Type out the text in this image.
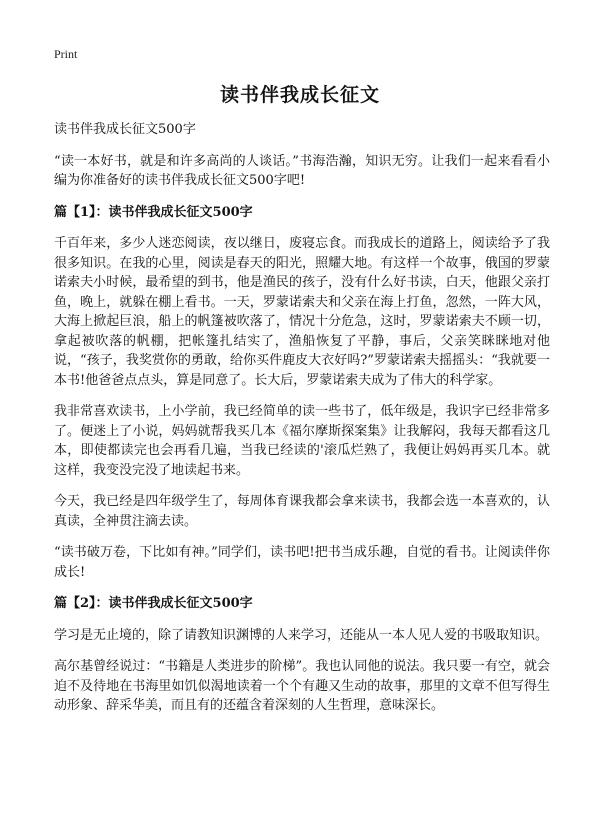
Print
读书伴我成长征文

读书伴我成长征文500字

“读一本好书，就是和许多高尚的人谈话。”书海浩瀚，知识无穷。让我们一起来看看小编为你准备好的读书伴我成长征文500字吧!

篇【1】：读书伴我成长征文500字

千百年来，多少人迷恋阅读，夜以继日，废寝忘食。而我成长的道路上，阅读给予了我很多知识。在我的心里，阅读是春天的阳光，照耀大地。有这样一个故事，俄国的罗蒙诺索夫小时候，最希望的到书，他是渔民的孩子，没有什么好书读，白天，他跟父亲打鱼，晚上，就躲在棚上看书。一天，罗蒙诺索夫和父亲在海上打鱼，忽然，一阵大风，大海上掀起巨浪，船上的帆篷被吹落了，情况十分危急，这时，罗蒙诺索夫不顾一切，拿起被吹落的帆棚，把帐篷扎结实了，渔船恢复了平静，事后，父亲笑眯眯地对他说，“孩子，我奖赏你的勇敢，给你买件鹿皮大衣好吗?”罗蒙诺索夫摇摇头：“我就要一本书!他爸爸点点头，算是同意了。长大后，罗蒙诺索夫成为了伟大的科学家。

我非常喜欢读书，上小学前，我已经简单的读一些书了，低年级是，我识字已经非常多了。便迷上了小说，妈妈就帮我买几本《福尔摩斯探案集》让我解闷，我每天都看这几本，即使都读完也会再看几遍，当我已经读的'滚瓜烂熟了，我便让妈妈再买几本。就这样，我变没完没了地读起书来。

今天，我已经是四年级学生了，每周体育课我都会拿来读书，我都会选一本喜欢的，认真读，全神贯注滴去读。

“读书破万卷，下比如有神。”同学们，读书吧!把书当成乐趣，自觉的看书。让阅读伴你成长!

篇【2】：读书伴我成长征文500字

学习是无止境的，除了请教知识渊博的人来学习，还能从一本人见人爱的书吸取知识。

高尔基曾经说过：“书籍是人类进步的阶梯”。我也认同他的说法。我只要一有空，就会迫不及待地在书海里如饥似渴地读着一个个有趣又生动的故事，那里的文章不但写得生动形象、辞采华美，而且有的还蕴含着深刻的人生哲理，意味深长。
